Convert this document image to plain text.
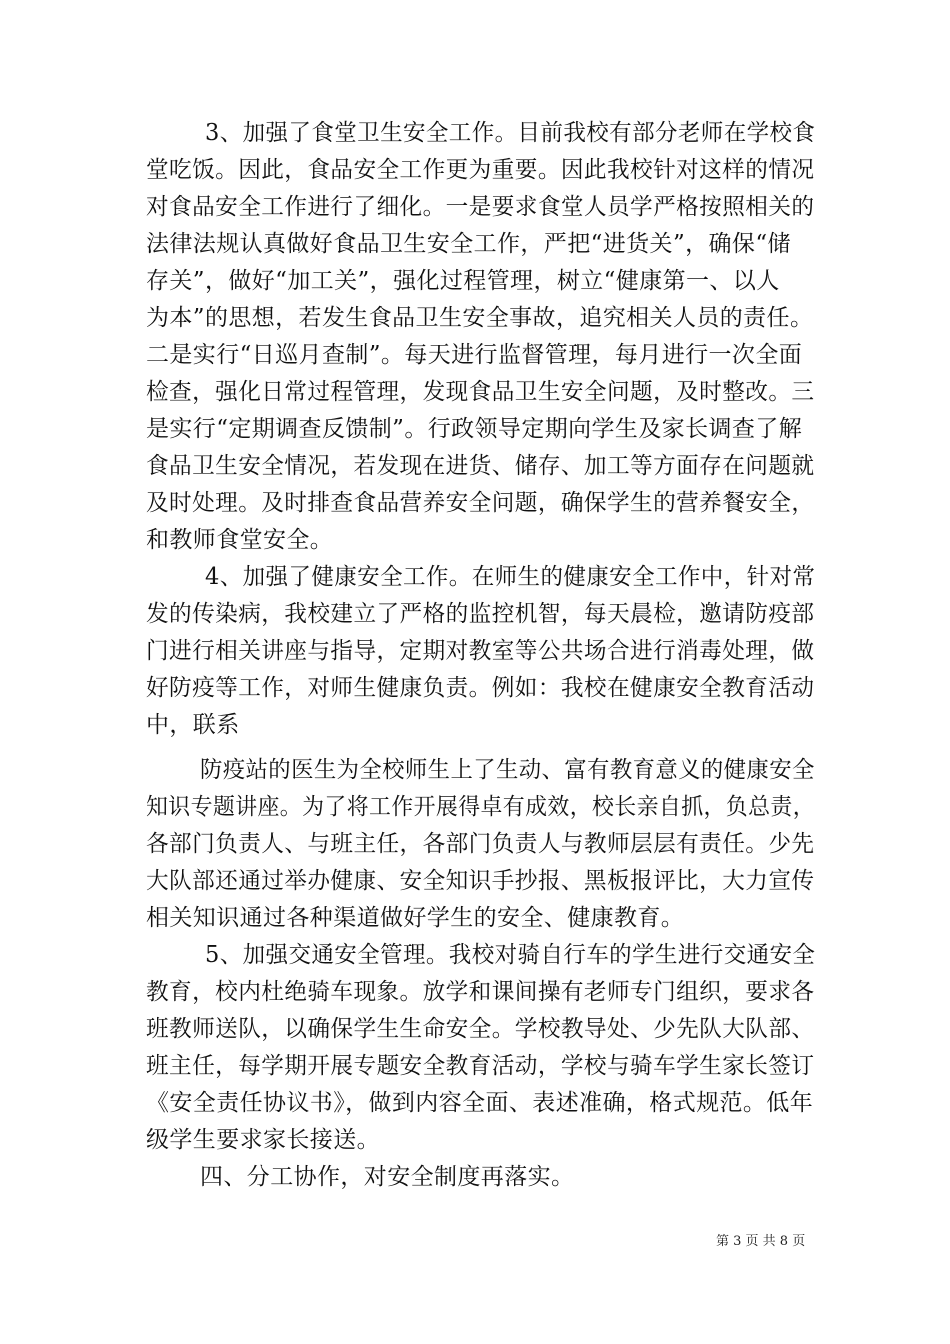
3、加强了食堂卫生安全工作。目前我校有部分老师在学校食
堂吃饭。因此，食品安全工作更为重要。因此我校针对这样的情况
对食品安全工作进行了细化。一是要求食堂人员学严格按照相关的
法律法规认真做好食品卫生安全工作，严把“进货关”，确保“储
存关”，做好“加工关”，强化过程管理，树立“健康第一、以人
为本”的思想，若发生食品卫生安全事故，追究相关人员的责任。
二是实行“日巡月查制”。每天进行监督管理，每月进行一次全面
检查，强化日常过程管理，发现食品卫生安全问题，及时整改。三
是实行“定期调查反馈制”。行政领导定期向学生及家长调查了解
食品卫生安全情况，若发现在进货、储存、加工等方面存在问题就
及时处理。及时排查食品营养安全问题，确保学生的营养餐安全，
和教师食堂安全。
4、加强了健康安全工作。在师生的健康安全工作中，针对常
发的传染病，我校建立了严格的监控机智，每天晨检，邀请防疫部
门进行相关讲座与指导，定期对教室等公共场合进行消毒处理，做
好防疫等工作，对师生健康负责。例如：我校在健康安全教育活动
中，联系
防疫站的医生为全校师生上了生动、富有教育意义的健康安全
知识专题讲座。为了将工作开展得卓有成效，校长亲自抓，负总责，
各部门负责人、与班主任，各部门负责人与教师层层有责任。少先
大队部还通过举办健康、安全知识手抄报、黑板报评比，大力宣传
相关知识通过各种渠道做好学生的安全、健康教育。
5、加强交通安全管理。我校对骑自行车的学生进行交通安全
教育，校内杜绝骑车现象。放学和课间操有老师专门组织，要求各
班教师送队，以确保学生生命安全。学校教导处、少先队大队部、
班主任，每学期开展专题安全教育活动，学校与骑车学生家长签订
《安全责任协议书》，做到内容全面、表述准确，格式规范。低年
级学生要求家长接送。
四、分工协作，对安全制度再落实。
第 3 页 共 8 页
